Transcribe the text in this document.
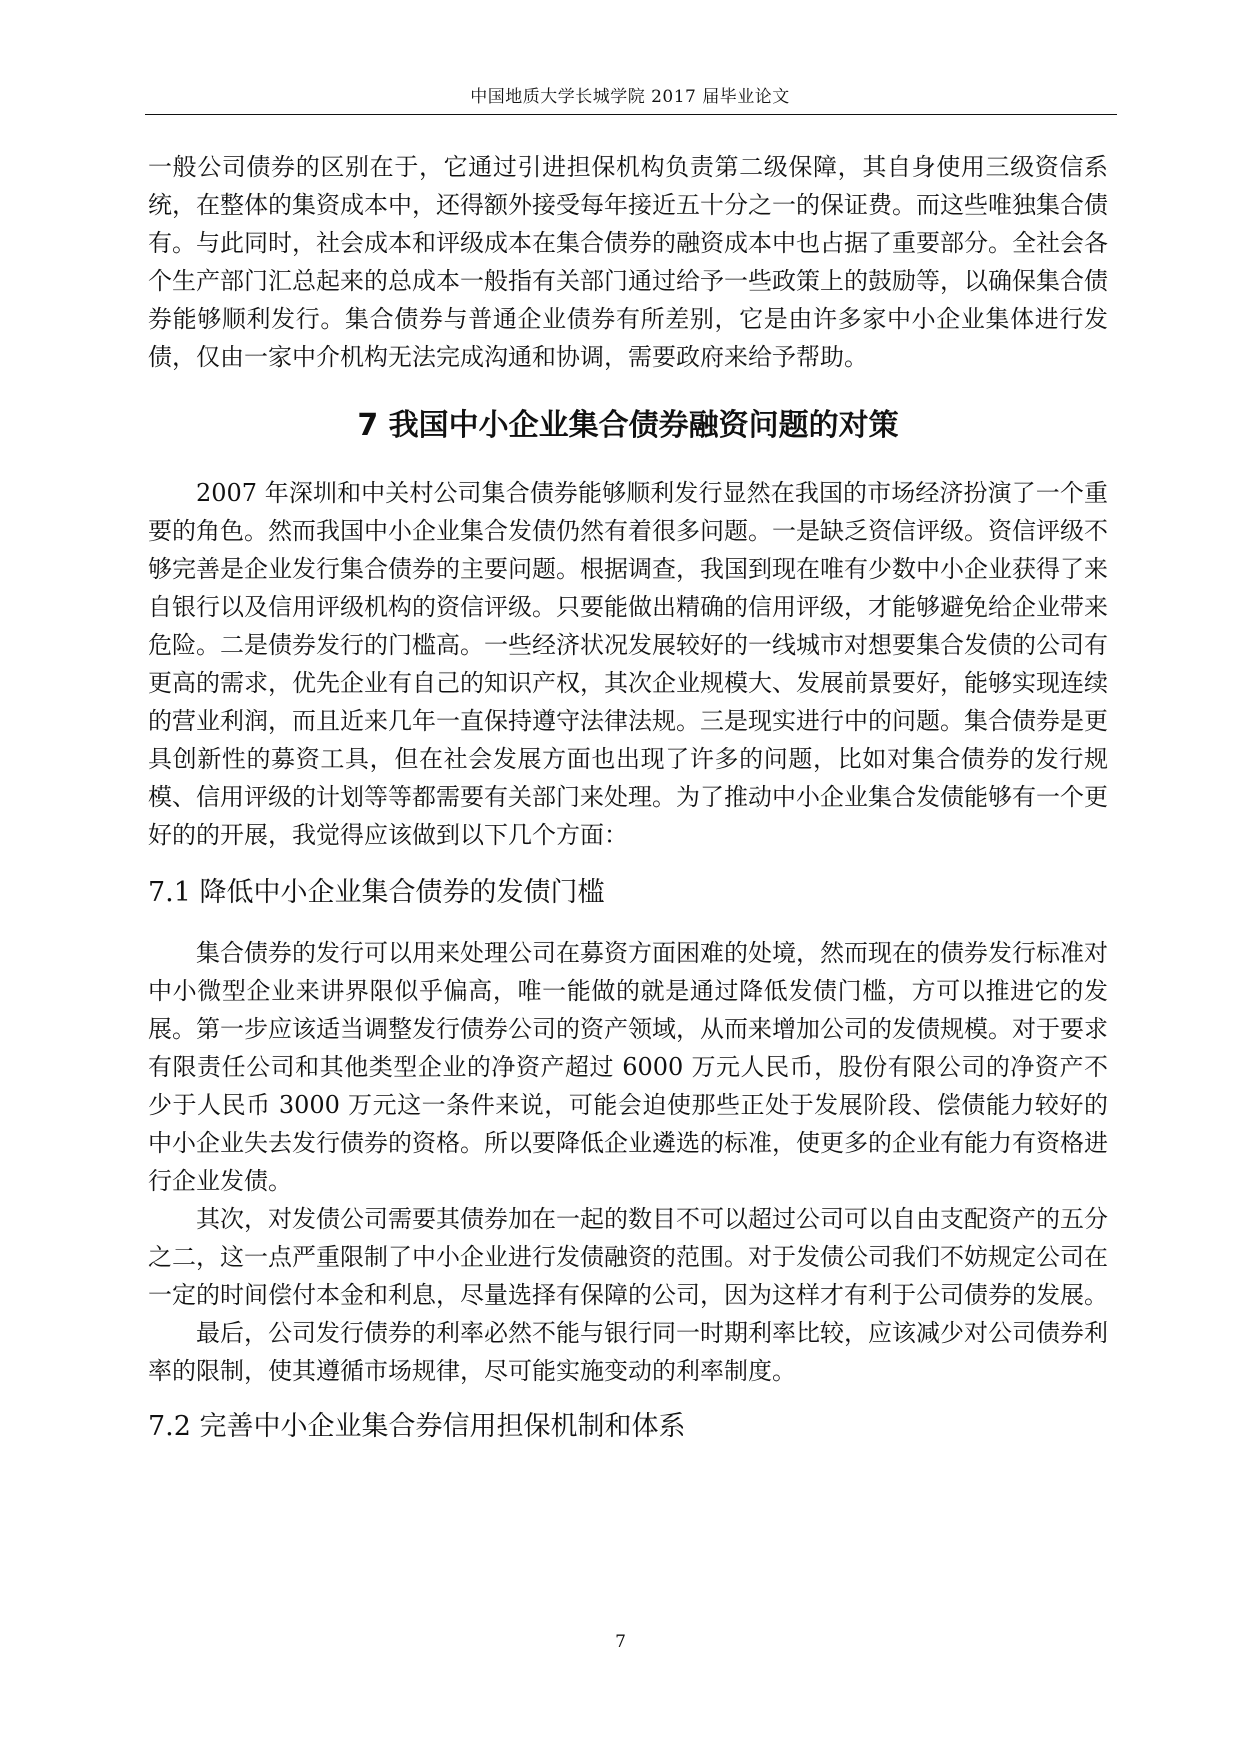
中国地质大学长城学院 2017 届毕业论文

一般公司债券的区别在于，它通过引进担保机构负责第二级保障，其自身使用三级资信系统，在整体的集资成本中，还得额外接受每年接近五十分之一的保证费。而这些唯独集合债有。与此同时，社会成本和评级成本在集合债券的融资成本中也占据了重要部分。全社会各个生产部门汇总起来的总成本一般指有关部门通过给予一些政策上的鼓励等，以确保集合债券能够顺利发行。集合债券与普通企业债券有所差别，它是由许多家中小企业集体进行发债，仅由一家中介机构无法完成沟通和协调，需要政府来给予帮助。

7 我国中小企业集合债券融资问题的对策

2007 年深圳和中关村公司集合债券能够顺利发行显然在我国的市场经济扮演了一个重要的角色。然而我国中小企业集合发债仍然有着很多问题。一是缺乏资信评级。资信评级不够完善是企业发行集合债券的主要问题。根据调查，我国到现在唯有少数中小企业获得了来自银行以及信用评级机构的资信评级。只要能做出精确的信用评级，才能够避免给企业带来危险。二是债券发行的门槛高。一些经济状况发展较好的一线城市对想要集合发债的公司有更高的需求，优先企业有自己的知识产权，其次企业规模大、发展前景要好，能够实现连续的营业利润，而且近来几年一直保持遵守法律法规。三是现实进行中的问题。集合债券是更具创新性的募资工具，但在社会发展方面也出现了许多的问题，比如对集合债券的发行规模、信用评级的计划等等都需要有关部门来处理。为了推动中小企业集合发债能够有一个更好的的开展，我觉得应该做到以下几个方面：

7.1 降低中小企业集合债券的发债门槛

集合债券的发行可以用来处理公司在募资方面困难的处境，然而现在的债券发行标准对中小微型企业来讲界限似乎偏高，唯一能做的就是通过降低发债门槛，方可以推进它的发展。第一步应该适当调整发行债券公司的资产领域，从而来增加公司的发债规模。对于要求有限责任公司和其他类型企业的净资产超过 6000 万元人民币，股份有限公司的净资产不少于人民币 3000 万元这一条件来说，可能会迫使那些正处于发展阶段、偿债能力较好的中小企业失去发行债券的资格。所以要降低企业遴选的标准，使更多的企业有能力有资格进行企业发债。

其次，对发债公司需要其债券加在一起的数目不可以超过公司可以自由支配资产的五分之二，这一点严重限制了中小企业进行发债融资的范围。对于发债公司我们不妨规定公司在一定的时间偿付本金和利息，尽量选择有保障的公司，因为这样才有利于公司债券的发展。

最后，公司发行债券的利率必然不能与银行同一时期利率比较，应该减少对公司债券利率的限制，使其遵循市场规律，尽可能实施变动的利率制度。

7.2 完善中小企业集合券信用担保机制和体系
7
